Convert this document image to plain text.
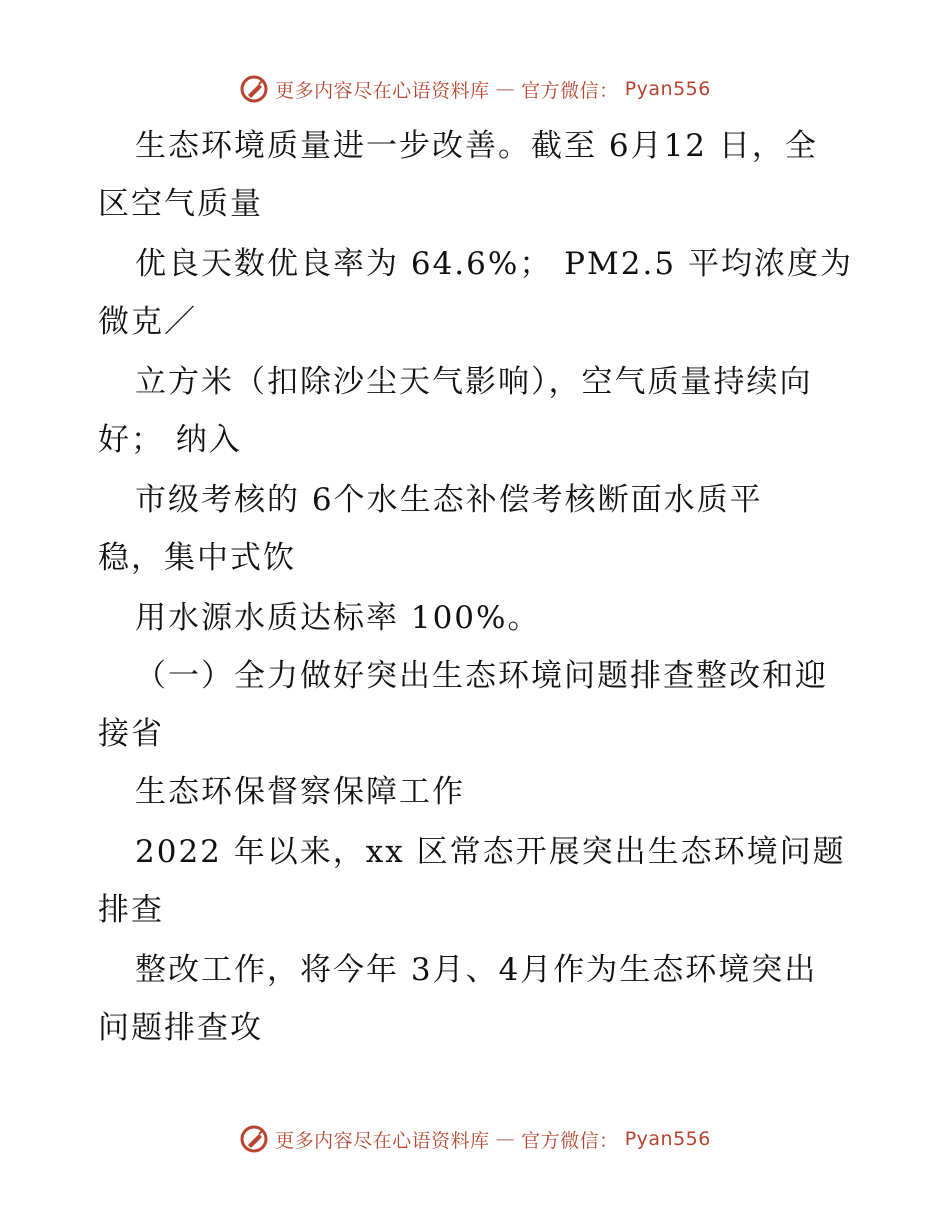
更多内容尽在心语资料库 — 官方微信： Pyan556
生态环境质量进一步改善。截至 6月12 日，全
区空气质量
优良天数优良率为 64.6%； PM2.5 平均浓度为
微克／
立方米（扣除沙尘天气影响），空气质量持续向
好； 纳入
市级考核的 6个水生态补偿考核断面水质平
稳，集中式饮
用水源水质达标率 100%。
（一）全力做好突出生态环境问题排查整改和迎
接省
生态环保督察保障工作
2022 年以来，xx 区常态开展突出生态环境问题
排查
整改工作，将今年 3月、4月作为生态环境突出
问题排查攻
更多内容尽在心语资料库 — 官方微信： Pyan556
